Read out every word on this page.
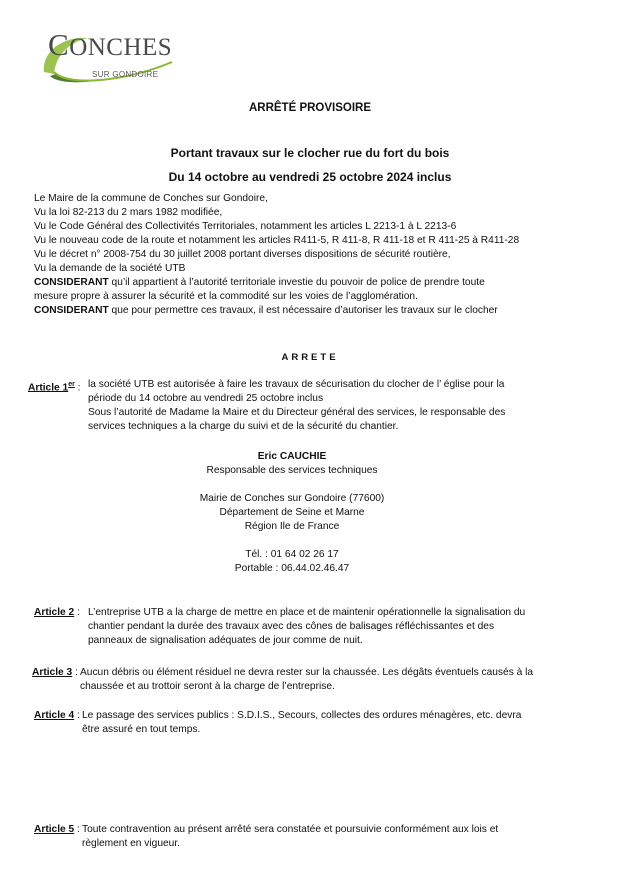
CONCHES
SUR GONDOIRE
ARRÊTÉ PROVISOIRE
Portant travaux sur le clocher rue du fort du bois
Du 14 octobre au vendredi 25 octobre 2024 inclus
Le Maire de la commune de Conches sur Gondoire,
Vu la loi 82-213 du 2 mars 1982 modifiée,
Vu le Code Général des Collectivités Territoriales, notamment les articles L 2213-1 à L 2213-6
Vu le nouveau code de la route et notamment les articles R411-5, R 411-8, R 411-18 et R 411-25 à R411-28
Vu le décret n° 2008-754 du 30 juillet 2008 portant diverses dispositions de sécurité routière,
Vu la demande de la société UTB
CONSIDERANT qu’il appartient à l’autorité territoriale investie du pouvoir de police de prendre toute
mesure propre à assurer la sécurité et la commodité sur les voies de l’agglomération.
CONSIDERANT que pour permettre ces travaux, il est nécessaire d’autoriser les travaux sur le clocher
ARRETE
Article 1er : la société UTB est autorisée à faire les travaux de sécurisation du clocher de l’ église pour la
période du 14 octobre au vendredi 25 octobre inclus
Sous l’autorité de Madame la Maire et du Directeur général des services, le responsable des
services techniques a la charge du suivi et de la sécurité du chantier.
Eric CAUCHIE
Responsable des services techniques
Mairie de Conches sur Gondoire (77600)
Département de Seine et Marne
Région Ile de France
Tél. : 01 64 02 26 17
Portable : 06.44.02.46.47
Article 2 : L’entreprise UTB a la charge de mettre en place et de maintenir opérationnelle la signalisation du
chantier pendant la durée des travaux avec des cônes de balisages réfléchissantes et des
panneaux de signalisation adéquates de jour comme de nuit.
Article 3 : Aucun débris ou élément résiduel ne devra rester sur la chaussée. Les dégâts éventuels causés à la
chaussée et au trottoir seront à la charge de l’entreprise.
Article 4 : Le passage des services publics : S.D.I.S., Secours, collectes des ordures ménagères, etc. devra
être assuré en tout temps.
Article 5 : Toute contravention au présent arrêté sera constatée et poursuivie conformément aux lois et
règlement en vigueur.
